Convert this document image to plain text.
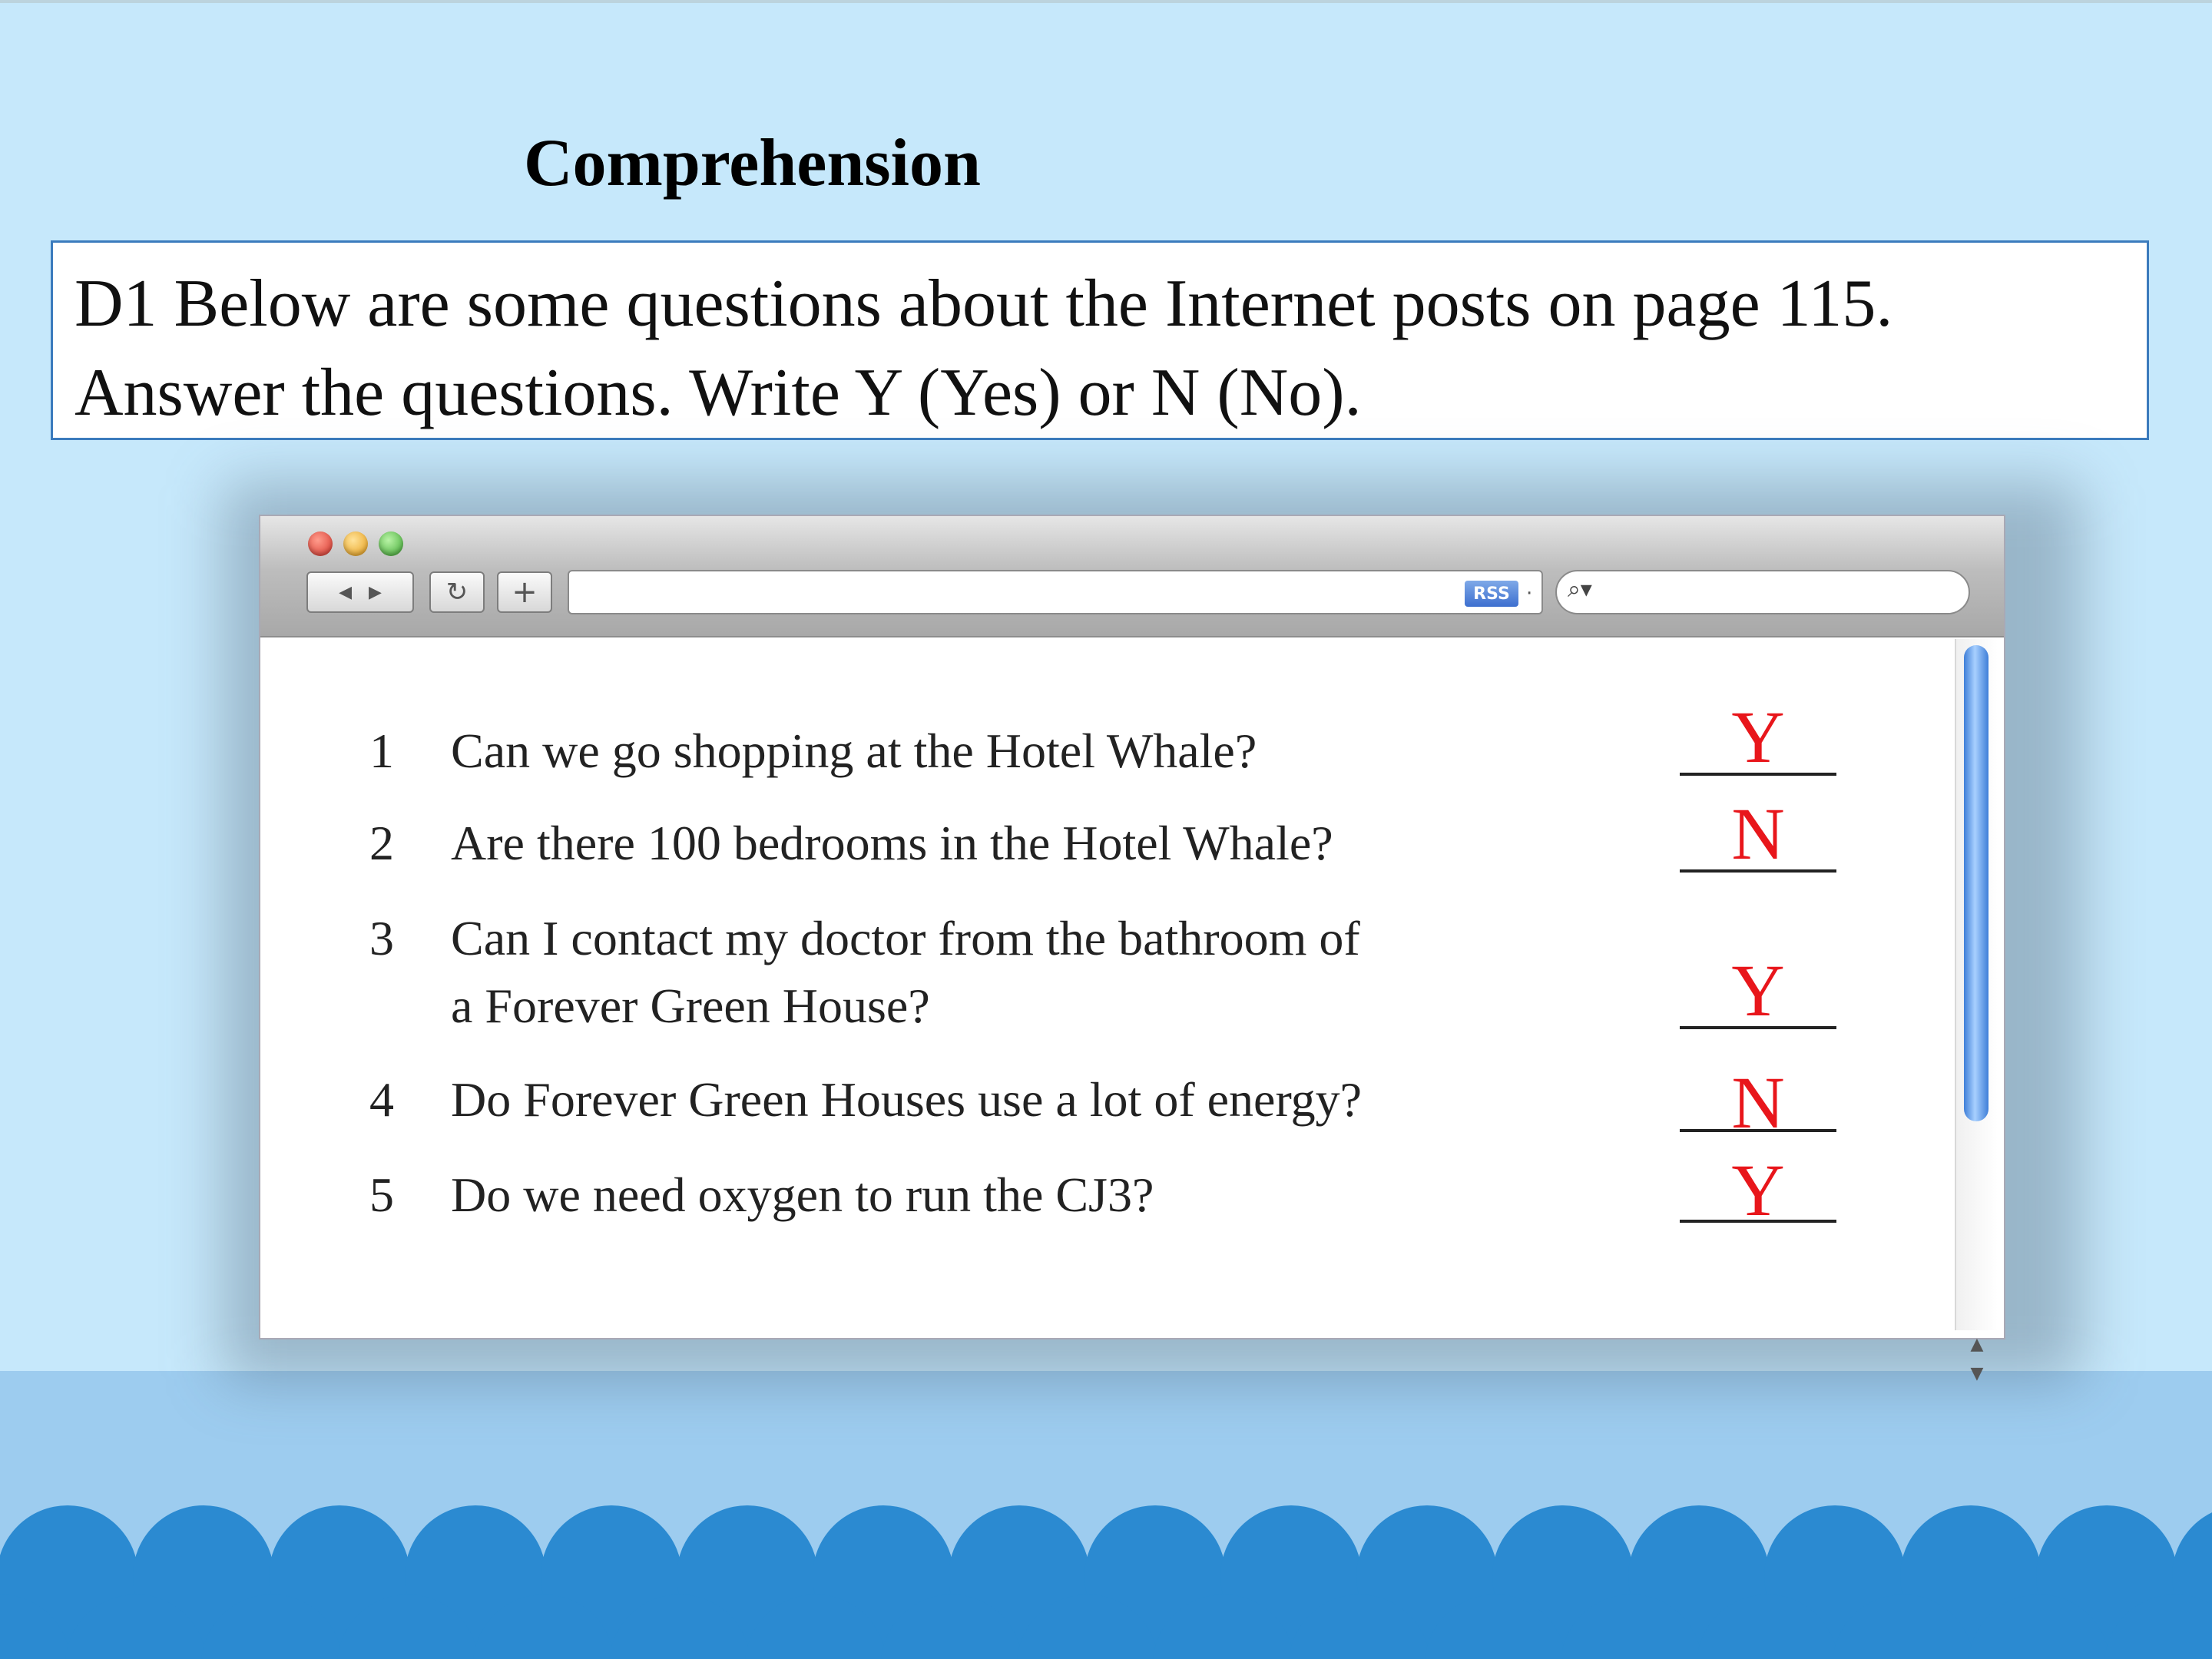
Comprehension
D1 Below are some questions about the Internet posts on page 115.
Answer the questions. Write Y (Yes) or N (No).
◀ ▶ ↻ +	RSS · ⌕▾
▲
▼
1 Can we go shopping at the Hotel Whale?	Y
2 Are there 100 bedrooms in the Hotel Whale?	N
3 Can I contact my doctor from the bathroom of
a Forever Green House?	Y
4 Do Forever Green Houses use a lot of energy?	N
5 Do we need oxygen to run the CJ3?	Y
